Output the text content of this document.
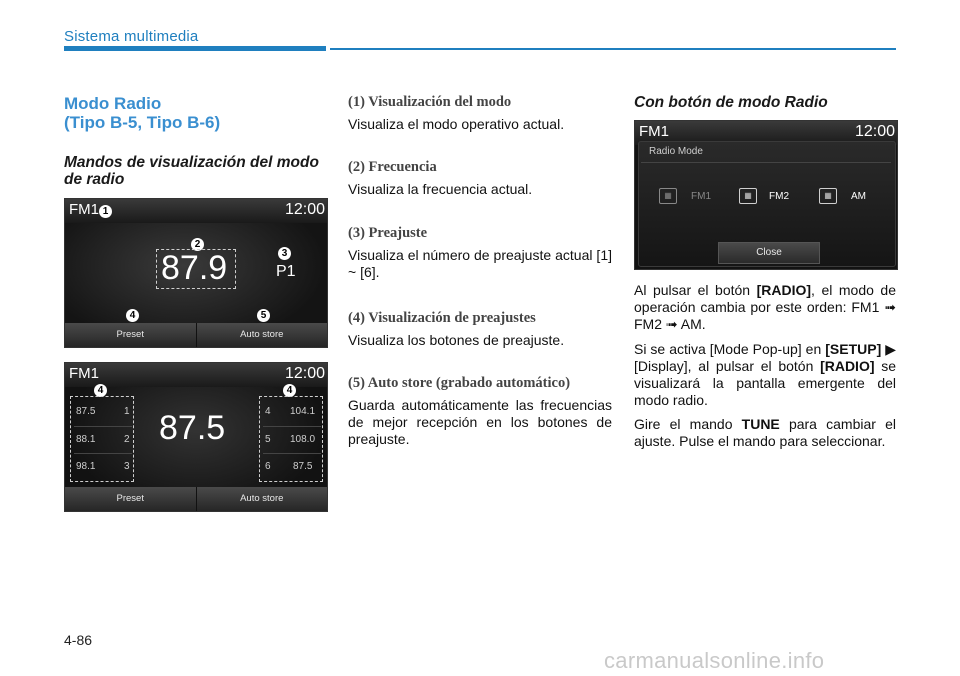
Sistema multimedia
Modo Radio
(Tipo B-5, Tipo B-6)
Mandos de visualización del modo de radio
FM1 1	12:00
2
87.9	3
P1
4	5
Preset	Auto store
FM1	12:00
4	4
87.5	1
88.1	2
98.1	3
87.5	4 104.1
5 108.0
6 87.5
Preset	Auto store
(1) Visualización del modo
Visualiza el modo operativo actual.
(2) Frecuencia
Visualiza la frecuencia actual.
(3) Preajuste
Visualiza el número de preajuste actual [1] ~ [6].
(4) Visualización de preajustes
Visualiza los botones de preajuste.
(5) Auto store (grabado automático)
Guarda automáticamente las frecuencias de mejor recepción en los botones de preajuste.
Con botón de modo Radio
FM1	12:00
Radio Mode
▦	FM1	▦	FM2	▦	AM
Close
Al pulsar el botón [RADIO], el modo de operación cambia por este orden: FM1 ➟ FM2 ➟ AM.
Si se activa [Mode Pop-up] en [SETUP] ▶ [Display], al pulsar el botón [RADIO] se visualizará la pantalla emergente del modo radio.
Gire el mando TUNE para cambiar el ajuste. Pulse el mando para seleccionar.
4-86
carmanualsonline.info
